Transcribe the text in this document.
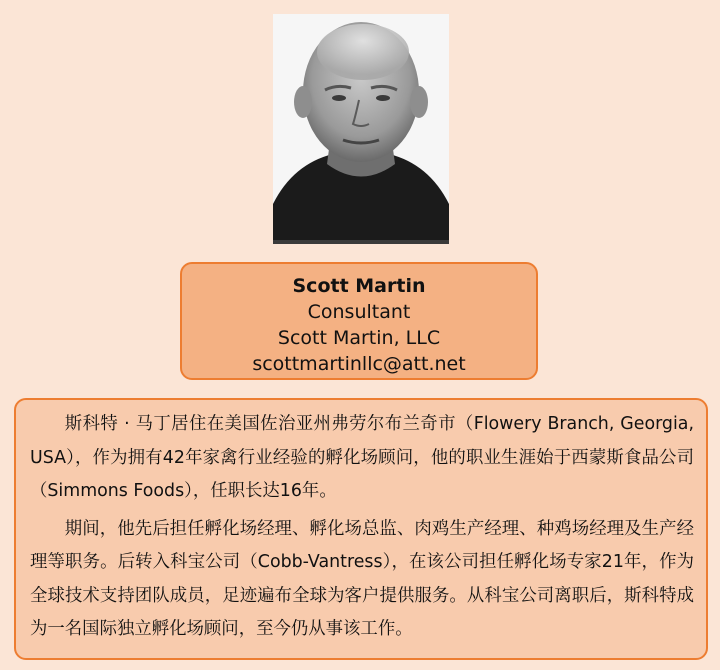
Scott Martin
Consultant
Scott Martin, LLC
scottmartinllc@att.net

斯科特 · 马丁居住在美国佐治亚州弗劳尔布兰奇市（Flowery Branch, Georgia, USA），作为拥有42年家禽行业经验的孵化场顾问，他的职业生涯始于西蒙斯食品公司（Simmons Foods），任职长达16年。

期间，他先后担任孵化场经理、孵化场总监、肉鸡生产经理、种鸡场经理及生产经理等职务。后转入科宝公司（Cobb-Vantress），在该公司担任孵化场专家21年，作为全球技术支持团队成员，足迹遍布全球为客户提供服务。从科宝公司离职后，斯科特成为一名国际独立孵化场顾问，至今仍从事该工作。
